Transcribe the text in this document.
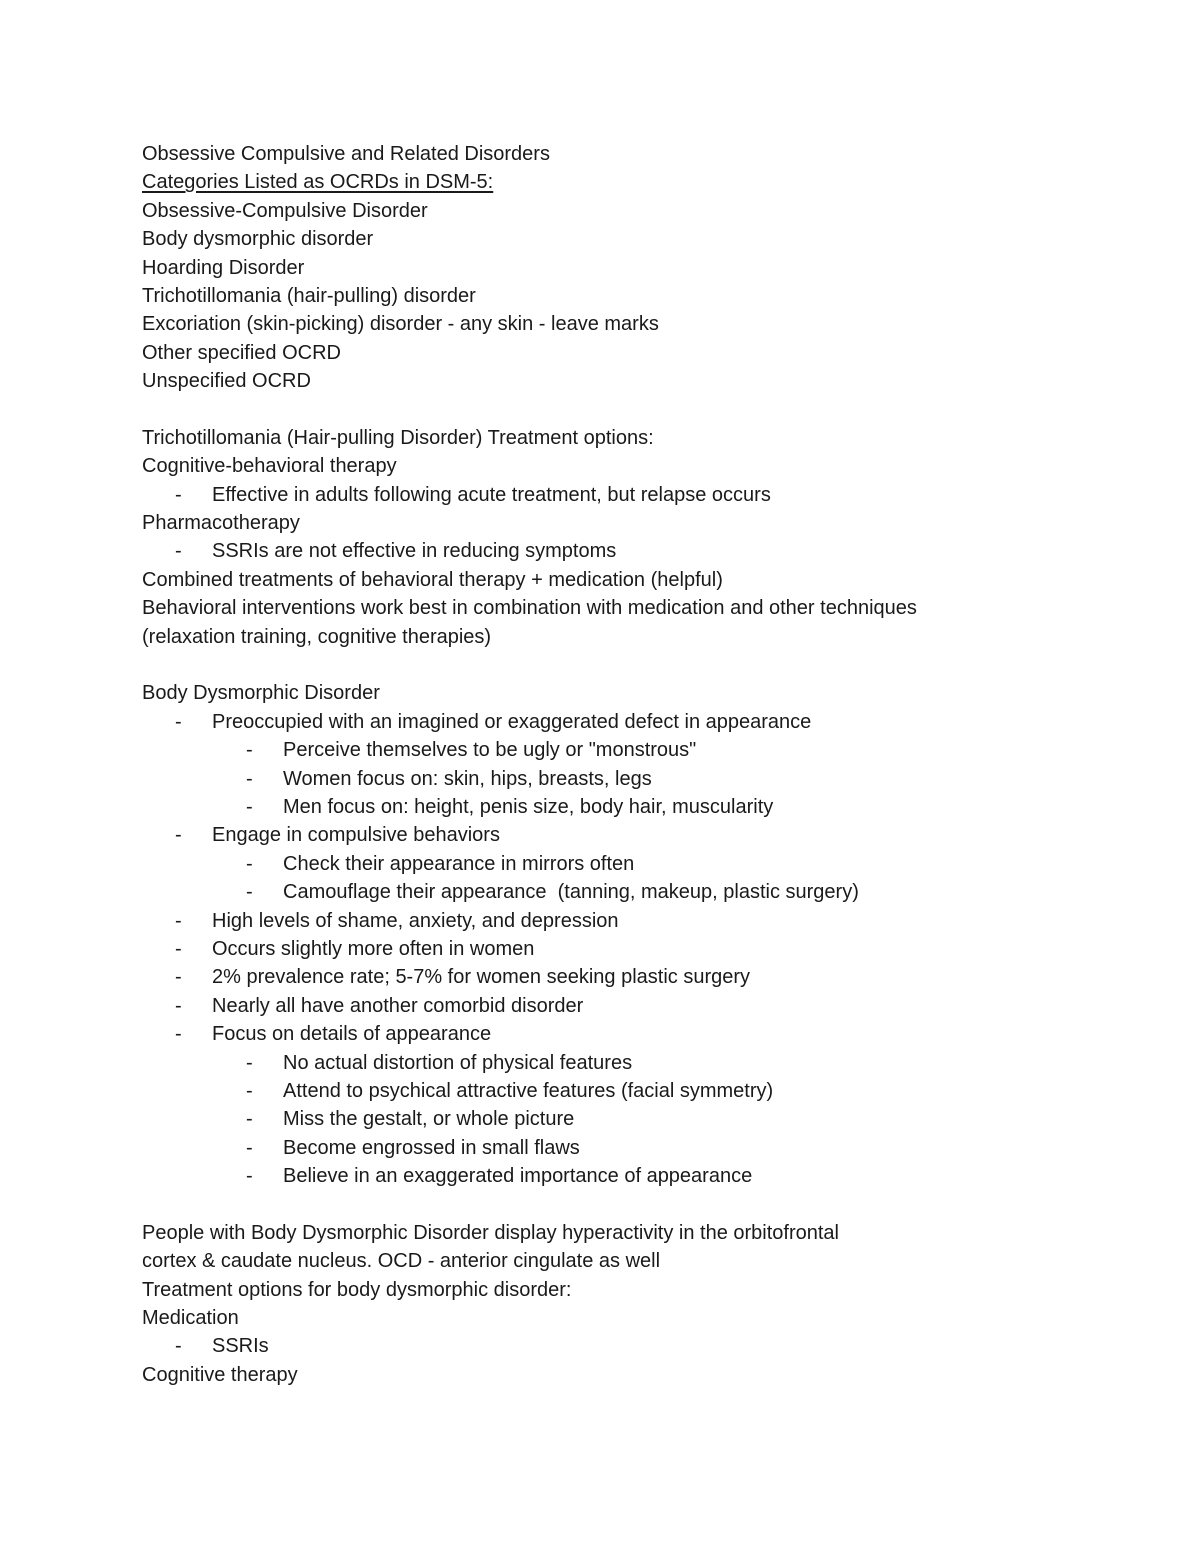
Obsessive Compulsive and Related Disorders
Categories Listed as OCRDs in DSM-5:
Obsessive-Compulsive Disorder
Body dysmorphic disorder
Hoarding Disorder
Trichotillomania (hair-pulling) disorder
Excoriation (skin-picking) disorder - any skin - leave marks
Other specified OCRD
Unspecified OCRD
Trichotillomania (Hair-pulling Disorder) Treatment options:
Cognitive-behavioral therapy
- Effective in adults following acute treatment, but relapse occurs
Pharmacotherapy
- SSRIs are not effective in reducing symptoms
Combined treatments of behavioral therapy + medication (helpful)
Behavioral interventions work best in combination with medication and other techniques
(relaxation training, cognitive therapies)
Body Dysmorphic Disorder
- Preoccupied with an imagined or exaggerated defect in appearance
- Perceive themselves to be ugly or "monstrous"
- Women focus on: skin, hips, breasts, legs
- Men focus on: height, penis size, body hair, muscularity
- Engage in compulsive behaviors
- Check their appearance in mirrors often
- Camouflage their appearance  (tanning, makeup, plastic surgery)
- High levels of shame, anxiety, and depression
- Occurs slightly more often in women
- 2% prevalence rate; 5-7% for women seeking plastic surgery
- Nearly all have another comorbid disorder
- Focus on details of appearance
- No actual distortion of physical features
- Attend to psychical attractive features (facial symmetry)
- Miss the gestalt, or whole picture
- Become engrossed in small flaws
- Believe in an exaggerated importance of appearance
People with Body Dysmorphic Disorder display hyperactivity in the orbitofrontal
cortex & caudate nucleus. OCD - anterior cingulate as well
Treatment options for body dysmorphic disorder:
Medication
- SSRIs
Cognitive therapy
